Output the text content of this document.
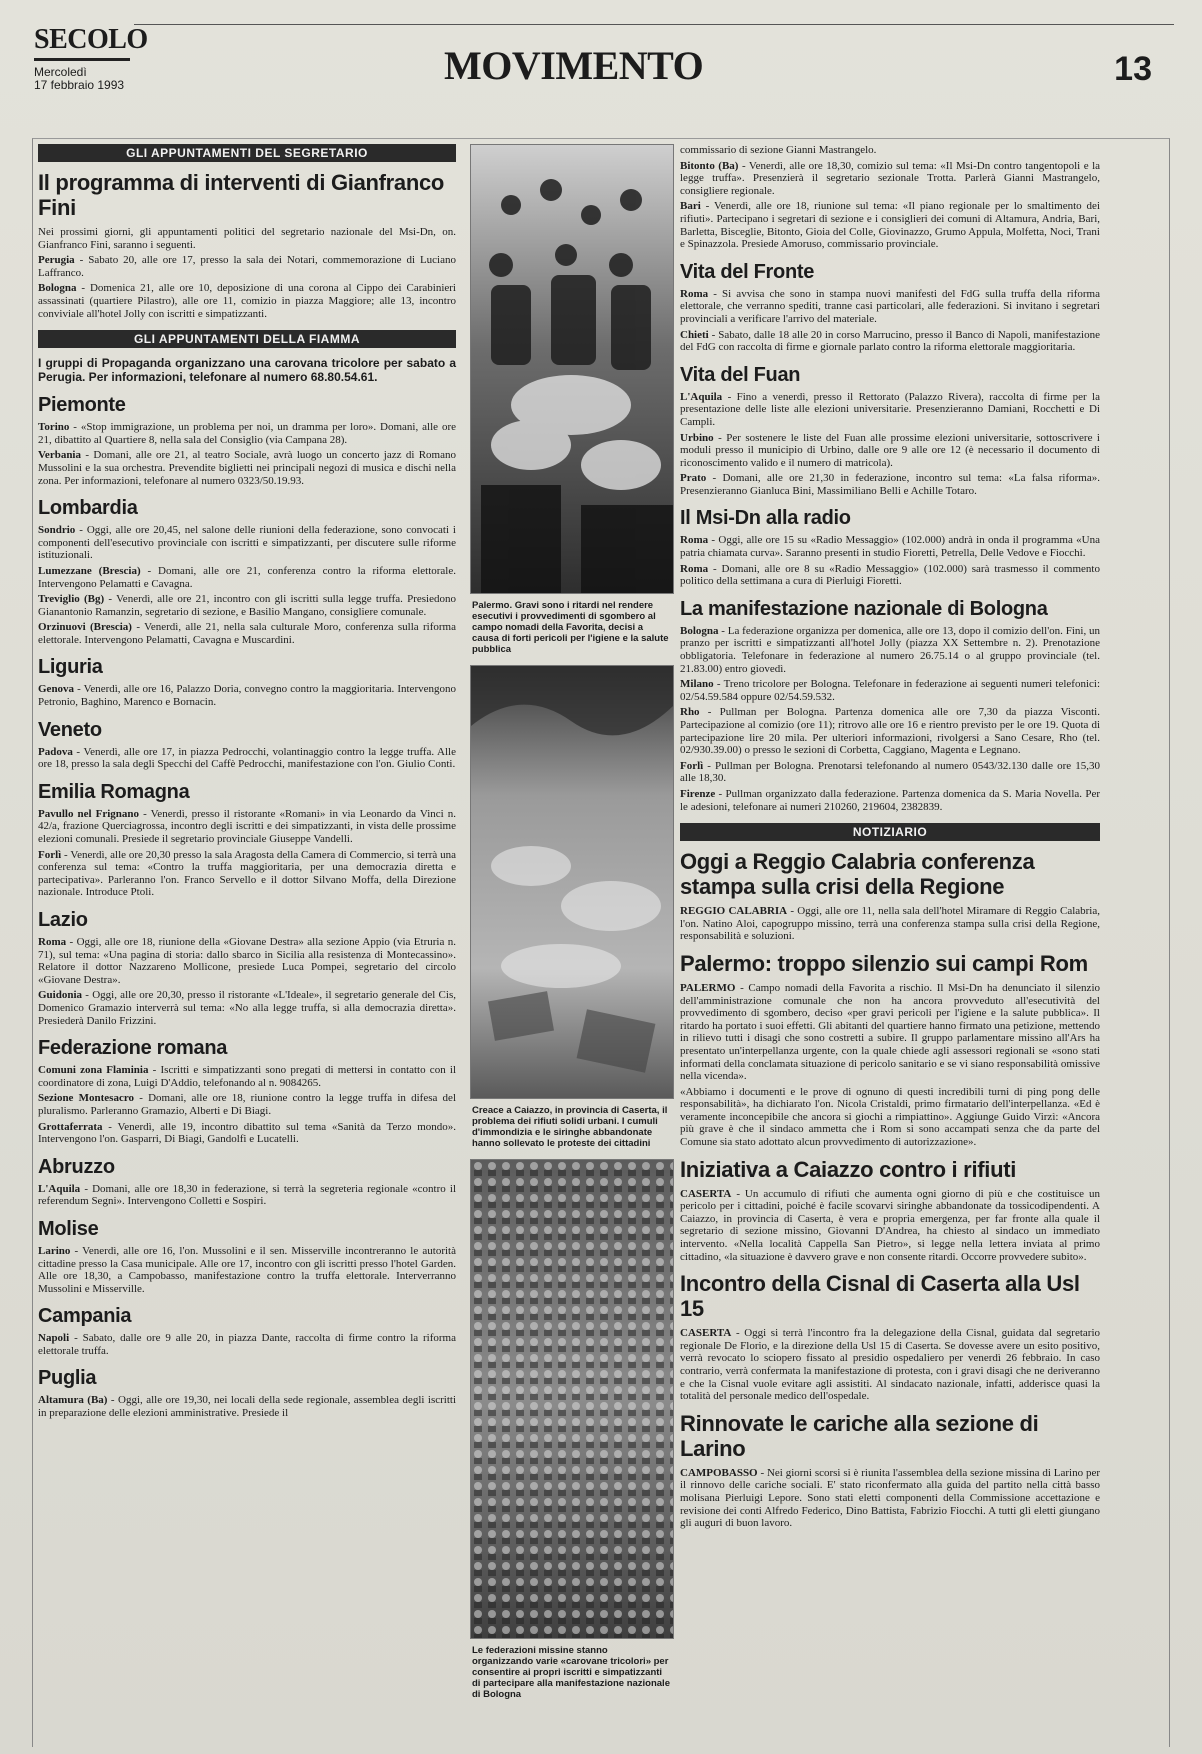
SECOLO
Mercoledì
17 febbraio 1993	MOVIMENTO	13
GLI APPUNTAMENTI DEL SEGRETARIO
Il programma di interventi di Gianfranco Fini

Nei prossimi giorni, gli appuntamenti politici del segretario nazionale del Msi-Dn, on. Gianfranco Fini, saranno i seguenti.

Perugia - Sabato 20, alle ore 17, presso la sala dei Notari, commemorazione di Luciano Laffranco.

Bologna - Domenica 21, alle ore 10, deposizione di una corona al Cippo dei Carabinieri assassinati (quartiere Pilastro), alle ore 11, comizio in piazza Maggiore; alle 13, incontro conviviale all'hotel Jolly con iscritti e simpatizzanti.

GLI APPUNTAMENTI DELLA FIAMMA

I gruppi di Propaganda organizzano una carovana tricolore per sabato a Perugia. Per informazioni, telefonare al numero 68.80.54.61.

Piemonte

Torino - «Stop immigrazione, un problema per noi, un dramma per loro». Domani, alle ore 21, dibattito al Quartiere 8, nella sala del Consiglio (via Campana 28).

Verbania - Domani, alle ore 21, al teatro Sociale, avrà luogo un concerto jazz di Romano Mussolini e la sua orchestra. Prevendite biglietti nei principali negozi di musica e dischi nella zona. Per informazioni, telefonare al numero 0323/50.19.93.

Lombardia

Sondrio - Oggi, alle ore 20,45, nel salone delle riunioni della federazione, sono convocati i componenti dell'esecutivo provinciale con iscritti e simpatizzanti, per discutere sulle riforme istituzionali.

Lumezzane (Brescia) - Domani, alle ore 21, conferenza contro la riforma elettorale. Intervengono Pelamatti e Cavagna.

Treviglio (Bg) - Venerdì, alle ore 21, incontro con gli iscritti sulla legge truffa. Presiedono Gianantonio Ramanzin, segretario di sezione, e Basilio Mangano, consigliere comunale.

Orzinuovi (Brescia) - Venerdì, alle 21, nella sala culturale Moro, conferenza sulla riforma elettorale. Intervengono Pelamatti, Cavagna e Muscardini.

Liguria

Genova - Venerdì, alle ore 16, Palazzo Doria, convegno contro la maggioritaria. Intervengono Petronio, Baghino, Marenco e Bornacin.

Veneto

Padova - Venerdì, alle ore 17, in piazza Pedrocchi, volantinaggio contro la legge truffa. Alle ore 18, presso la sala degli Specchi del Caffè Pedrocchi, manifestazione con l'on. Giulio Conti.

Emilia Romagna

Pavullo nel Frignano - Venerdì, presso il ristorante «Romani» in via Leonardo da Vinci n. 42/a, frazione Querciagrossa, incontro degli iscritti e dei simpatizzanti, in vista delle prossime elezioni comunali. Presiede il segretario provinciale Giuseppe Vandelli.

Forlì - Venerdì, alle ore 20,30 presso la sala Aragosta della Camera di Commercio, si terrà una conferenza sul tema: «Contro la truffa maggioritaria, per una democrazia diretta e partecipativa». Parleranno l'on. Franco Servello e il dottor Silvano Moffa, della Direzione nazionale. Introduce Ptoli.

Lazio

Roma - Oggi, alle ore 18, riunione della «Giovane Destra» alla sezione Appio (via Etruria n. 71), sul tema: «Una pagina di storia: dallo sbarco in Sicilia alla resistenza di Montecassino». Relatore il dottor Nazzareno Mollicone, presiede Luca Pompei, segretario del circolo «Giovane Destra».

Guidonia - Oggi, alle ore 20,30, presso il ristorante «L'Ideale», il segretario generale del Cis, Domenico Gramazio interverrà sul tema: «No alla legge truffa, sì alla democrazia diretta». Presiederà Danilo Frizzini.

Federazione romana

Comuni zona Flaminia - Iscritti e simpatizzanti sono pregati di mettersi in contatto con il coordinatore di zona, Luigi D'Addio, telefonando al n. 9084265.

Sezione Montesacro - Domani, alle ore 18, riunione contro la legge truffa in difesa del pluralismo. Parleranno Gramazio, Alberti e Di Biagi.

Grottaferrata - Venerdì, alle 19, incontro dibattito sul tema «Sanità da Terzo mondo». Intervengono l'on. Gasparri, Di Biagi, Gandolfi e Lucatelli.

Abruzzo

L'Aquila - Domani, alle ore 18,30 in federazione, si terrà la segreteria regionale «contro il referendum Segni». Intervengono Colletti e Sospiri.

Molise

Larino - Venerdì, alle ore 16, l'on. Mussolini e il sen. Misserville incontreranno le autorità cittadine presso la Casa municipale. Alle ore 17, incontro con gli iscritti presso l'hotel Garden. Alle ore 18,30, a Campobasso, manifestazione contro la truffa elettorale. Interverranno Mussolini e Misserville.

Campania

Napoli - Sabato, dalle ore 9 alle 20, in piazza Dante, raccolta di firme contro la riforma elettorale truffa.

Puglia

Altamura (Ba) - Oggi, alle ore 19,30, nei locali della sede regionale, assemblea degli iscritti in preparazione delle elezioni amministrative. Presiede il

Palermo. Gravi sono i ritardi nel rendere esecutivi i provvedimenti di sgombero al campo nomadi della Favorita, decisi a causa di forti pericoli per l'igiene e la salute pubblica
Creace a Caiazzo, in provincia di Caserta, il problema dei rifiuti solidi urbani. I cumuli d'immondizia e le siringhe abbandonate hanno sollevato le proteste dei cittadini
Le federazioni missine stanno organizzando varie «carovane tricolori» per consentire ai propri iscritti e simpatizzanti di partecipare alla manifestazione nazionale di Bologna

commissario di sezione Gianni Mastrangelo.

Bitonto (Ba) - Venerdì, alle ore 18,30, comizio sul tema: «Il Msi-Dn contro tangentopoli e la legge truffa». Presenzierà il segretario sezionale Trotta. Parlerà Gianni Mastrangelo, consigliere regionale.

Bari - Venerdì, alle ore 18, riunione sul tema: «Il piano regionale per lo smaltimento dei rifiuti». Partecipano i segretari di sezione e i consiglieri dei comuni di Altamura, Andria, Bari, Barletta, Bisceglie, Bitonto, Gioia del Colle, Giovinazzo, Grumo Appula, Molfetta, Noci, Trani e Spinazzola. Presiede Amoruso, commissario provinciale.

Vita del Fronte

Roma - Si avvisa che sono in stampa nuovi manifesti del FdG sulla truffa della riforma elettorale, che verranno spediti, tranne casi particolari, alle federazioni. Si invitano i segretari provinciali a verificare l'arrivo del materiale.

Chieti - Sabato, dalle 18 alle 20 in corso Marrucino, presso il Banco di Napoli, manifestazione del FdG con raccolta di firme e giornale parlato contro la riforma elettorale maggioritaria.

Vita del Fuan

L'Aquila - Fino a venerdì, presso il Rettorato (Palazzo Rivera), raccolta di firme per la presentazione delle liste alle elezioni universitarie. Presenzieranno Damiani, Rocchetti e Di Campli.

Urbino - Per sostenere le liste del Fuan alle prossime elezioni universitarie, sottoscrivere i moduli presso il municipio di Urbino, dalle ore 9 alle ore 12 (è necessario il documento di riconoscimento valido e il numero di matricola).

Prato - Domani, alle ore 21,30 in federazione, incontro sul tema: «La falsa riforma». Presenzieranno Gianluca Bini, Massimiliano Belli e Achille Totaro.

Il Msi-Dn alla radio

Roma - Oggi, alle ore 15 su «Radio Messaggio» (102.000) andrà in onda il programma «Una patria chiamata curva». Saranno presenti in studio Fioretti, Petrella, Delle Vedove e Fiocchi.

Roma - Domani, alle ore 8 su «Radio Messaggio» (102.000) sarà trasmesso il commento politico della settimana a cura di Pierluigi Fioretti.

La manifestazione nazionale di Bologna

Bologna - La federazione organizza per domenica, alle ore 13, dopo il comizio dell'on. Fini, un pranzo per iscritti e simpatizzanti all'hotel Jolly (piazza XX Settembre n. 2). Prenotazione obbligatoria. Telefonare in federazione al numero 26.75.14 o al gruppo provinciale (tel. 21.83.00) entro giovedì.

Milano - Treno tricolore per Bologna. Telefonare in federazione ai seguenti numeri telefonici: 02/54.59.584 oppure 02/54.59.532.

Rho - Pullman per Bologna. Partenza domenica alle ore 7,30 da piazza Visconti. Partecipazione al comizio (ore 11); ritrovo alle ore 16 e rientro previsto per le ore 19. Quota di partecipazione lire 20 mila. Per ulteriori informazioni, rivolgersi a Sano Cesare, Rho (tel. 02/930.39.00) o presso le sezioni di Corbetta, Caggiano, Magenta e Legnano.

Forlì - Pullman per Bologna. Prenotarsi telefonando al numero 0543/32.130 dalle ore 15,30 alle 18,30.

Firenze - Pullman organizzato dalla federazione. Partenza domenica da S. Maria Novella. Per le adesioni, telefonare ai numeri 210260, 219604, 2382839.

NOTIZIARIO
Oggi a Reggio Calabria conferenza stampa sulla crisi della Regione

REGGIO CALABRIA - Oggi, alle ore 11, nella sala dell'hotel Miramare di Reggio Calabria, l'on. Natino Aloi, capogruppo missino, terrà una conferenza stampa sulla crisi della Regione, responsabilità e soluzioni.

Palermo: troppo silenzio sui campi Rom

PALERMO - Campo nomadi della Favorita a rischio. Il Msi-Dn ha denunciato il silenzio dell'amministrazione comunale che non ha ancora provveduto all'esecutività del provvedimento di sgombero, deciso «per gravi pericoli per l'igiene e la salute pubblica». Il ritardo ha portato i suoi effetti. Gli abitanti del quartiere hanno firmato una petizione, mettendo in rilievo tutti i disagi che sono costretti a subire. Il gruppo parlamentare missino all'Ars ha presentato un'interpellanza urgente, con la quale chiede agli assessori regionali se «sono stati informati della conclamata situazione di pericolo sanitario e se vi siano responsabilità omissive nella vicenda».

«Abbiamo i documenti e le prove di ognuno di questi incredibili turni di ping pong delle responsabilità», ha dichiarato l'on. Nicola Cristaldi, primo firmatario dell'interpellanza. «Ed è veramente inconcepibile che ancora si giochi a rimpiattino». Aggiunge Guido Virzì: «Ancora più grave è che il sindaco ammetta che i Rom si sono accampati senza che da parte del Comune sia stato adottato alcun provvedimento di autorizzazione».

Iniziativa a Caiazzo contro i rifiuti

CASERTA - Un accumulo di rifiuti che aumenta ogni giorno di più e che costituisce un pericolo per i cittadini, poiché è facile scovarvi siringhe abbandonate da tossicodipendenti. A Caiazzo, in provincia di Caserta, è vera e propria emergenza, per far fronte alla quale il segretario di sezione missino, Giovanni D'Andrea, ha chiesto al sindaco un immediato intervento. «Nella località Cappella San Pietro», si legge nella lettera inviata al primo cittadino, «la situazione è davvero grave e non consente ritardi. Occorre provvedere subito».

Incontro della Cisnal di Caserta alla Usl 15

CASERTA - Oggi si terrà l'incontro fra la delegazione della Cisnal, guidata dal segretario regionale De Florio, e la direzione della Usl 15 di Caserta. Se dovesse avere un esito positivo, verrà revocato lo sciopero fissato al presidio ospedaliero per venerdì 26 febbraio. In caso contrario, verrà confermata la manifestazione di protesta, con i gravi disagi che ne deriveranno e che la Cisnal vuole evitare agli assistiti. Al sindacato nazionale, infatti, adderisce quasi la totalità del personale medico dell'ospedale.

Rinnovate le cariche alla sezione di Larino

CAMPOBASSO - Nei giorni scorsi si è riunita l'assemblea della sezione missina di Larino per il rinnovo delle cariche sociali. E' stato riconfermato alla guida del partito nella città basso molisana Pierluigi Lepore. Sono stati eletti componenti della Commissione accettazione e revisione dei conti Alfredo Federico, Dino Battista, Fabrizio Fiocchi. A tutti gli eletti giungano gli auguri di buon lavoro.
